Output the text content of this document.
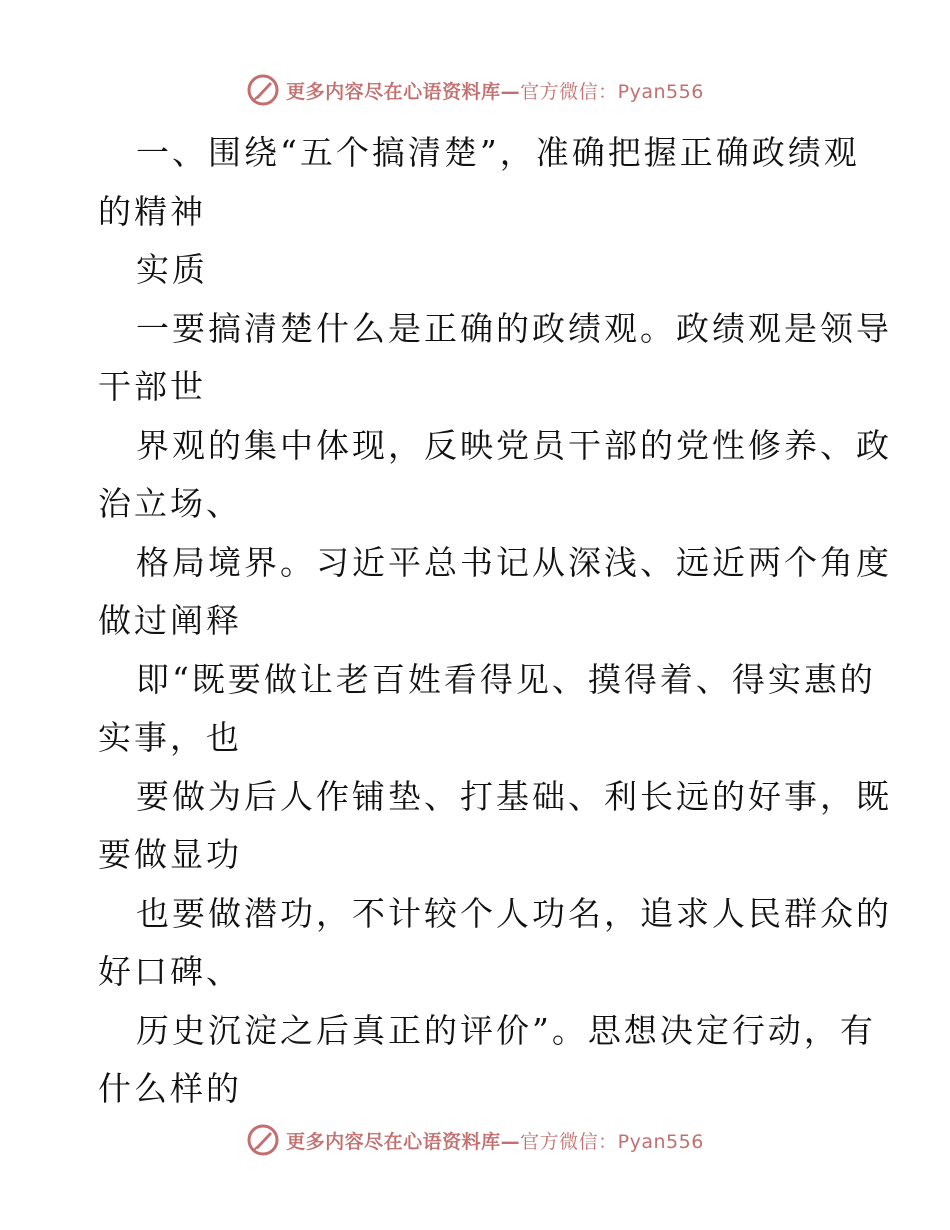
更多内容尽在心语资料库—官方微信：Pyan556
一、围绕“五个搞清楚”，准确把握正确政绩观
的精神
实质
一要搞清楚什么是正确的政绩观。政绩观是领导
干部世
界观的集中体现，反映党员干部的党性修养、政
治立场、
格局境界。习近平总书记从深浅、远近两个角度
做过阐释
即“既要做让老百姓看得见、摸得着、得实惠的
实事，也
要做为后人作铺垫、打基础、利长远的好事，既
要做显功
也要做潜功，不计较个人功名，追求人民群众的
好口碑、
历史沉淀之后真正的评价”。思想决定行动，有
什么样的
更多内容尽在心语资料库—官方微信：Pyan556
